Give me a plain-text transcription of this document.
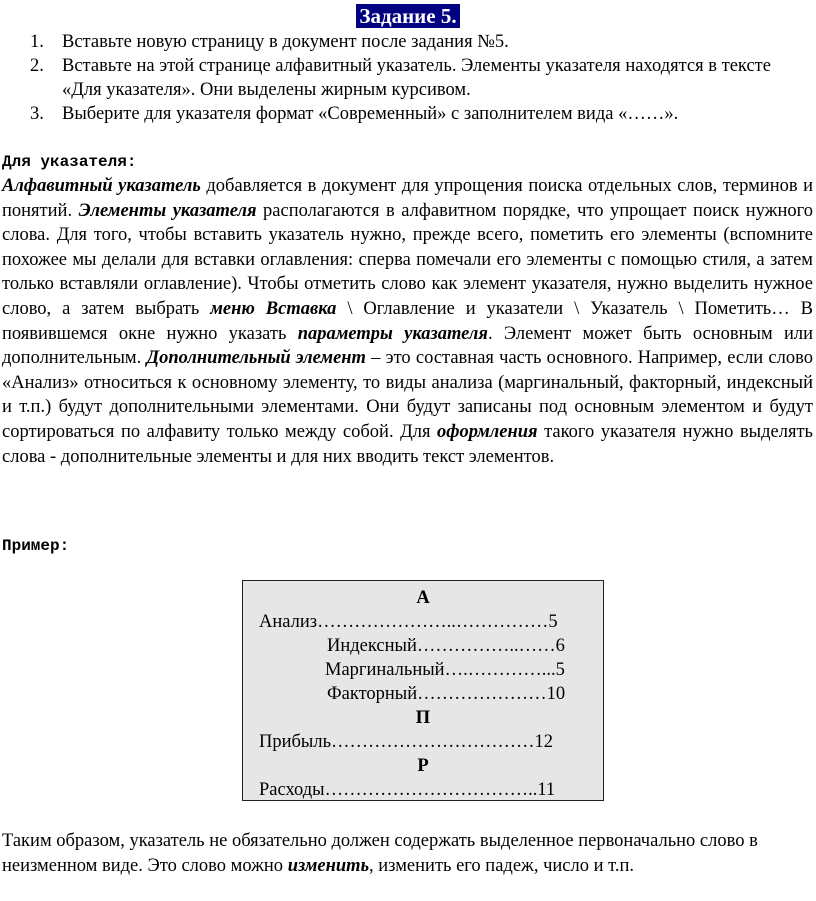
Задание 5.
1. Вставьте новую страницу в документ после задания №5.
2. Вставьте на этой странице алфавитный указатель. Элементы указателя находятся в тексте «Для указателя». Они выделены жирным курсивом.
3. Выберите для указателя формат «Современный» с заполнителем вида «……».
Для указателя:

Алфавитный указатель добавляется в документ для упрощения поиска отдельных слов, терминов и понятий. Элементы указателя располагаются в алфавитном порядке, что упрощает поиск нужного слова. Для того, чтобы вставить указатель нужно, прежде всего, пометить его элементы (вспомните похожее мы делали для вставки оглавления: сперва помечали его элементы с помощью стиля, а затем только вставляли оглавление). Чтобы отметить слово как элемент указателя, нужно выделить нужное слово, а затем выбрать меню Вставка \ Оглавление и указатели \ Указатель \ Пометить… В появившемся окне нужно указать параметры указателя. Элемент может быть основным или дополнительным. Дополнительный элемент – это составная часть основного. Например, если слово «Анализ» относиться к основному элементу, то виды анализа (маргинальный, факторный, индексный и т.п.) будут дополнительными элементами. Они будут записаны под основным элементом и будут сортироваться по алфавиту только между собой. Для оформления такого указателя нужно выделять слова - дополнительные элементы и для них вводить текст элементов.

Пример:
А
Анализ…………………..……………5
Индексный……………..……6
Маргинальный….…………...5
Факторный…………………10
П
Прибыль……………………………12
Р
Расходы……………………………..11

Таким образом, указатель не обязательно должен содержать выделенное первоначально слово в неизменном виде. Это слово можно изменить, изменить его падеж, число и т.п.
